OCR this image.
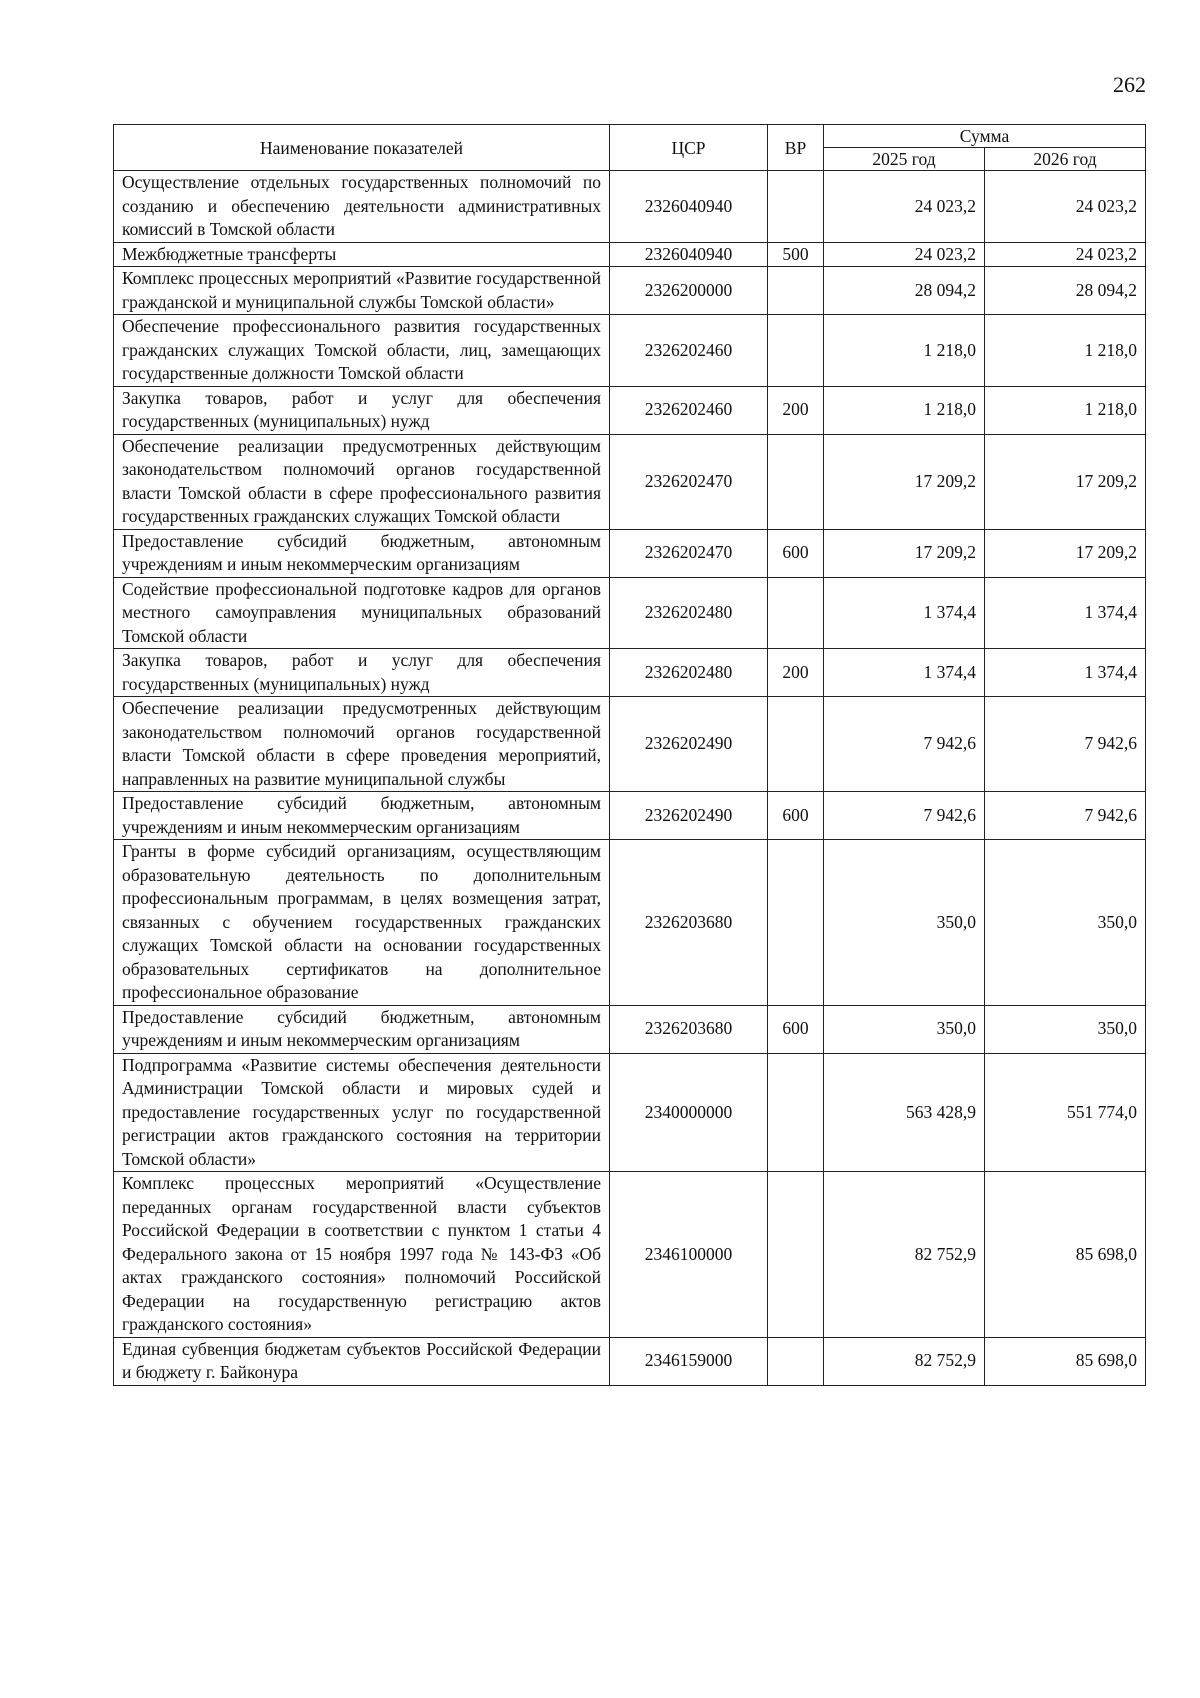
262
Наименование показателей	ЦСР	ВР	Сумма	
			2025 год	2026 год
Осуществление отдельных государственных полномочий по созданию и обеспечению деятельности административных комиссий в Томской области	2326040940		24 023,2	24 023,2
Межбюджетные трансферты	2326040940	500	24 023,2	24 023,2
Комплекс процессных мероприятий «Развитие государственной гражданской и муниципальной службы Томской области»	2326200000		28 094,2	28 094,2
Обеспечение профессионального развития государственных гражданских служащих Томской области, лиц, замещающих государственные должности Томской области	2326202460		1 218,0	1 218,0
Закупка товаров, работ и услуг для обеспечения государственных (муниципальных) нужд	2326202460	200	1 218,0	1 218,0
Обеспечение реализации предусмотренных действующим законодательством полномочий органов государственной власти Томской области в сфере профессионального развития государственных гражданских служащих Томской области	2326202470		17 209,2	17 209,2
Предоставление субсидий бюджетным, автономным учреждениям и иным некоммерческим организациям	2326202470	600	17 209,2	17 209,2
Содействие профессиональной подготовке кадров для органов местного самоуправления муниципальных образований Томской области	2326202480		1 374,4	1 374,4
Закупка товаров, работ и услуг для обеспечения государственных (муниципальных) нужд	2326202480	200	1 374,4	1 374,4
Обеспечение реализации предусмотренных действующим законодательством полномочий органов государственной власти Томской области в сфере проведения мероприятий, направленных на развитие муниципальной службы	2326202490		7 942,6	7 942,6
Предоставление субсидий бюджетным, автономным учреждениям и иным некоммерческим организациям	2326202490	600	7 942,6	7 942,6
Гранты в форме субсидий организациям, осуществляющим образовательную деятельность по дополнительным профессиональным программам, в целях возмещения затрат, связанных с обучением государственных гражданских служащих Томской области на основании государственных образовательных сертификатов на дополнительное профессиональное образование	2326203680		350,0	350,0
Предоставление субсидий бюджетным, автономным учреждениям и иным некоммерческим организациям	2326203680	600	350,0	350,0
Подпрограмма «Развитие системы обеспечения деятельности Администрации Томской области и мировых судей и предоставление государственных услуг по государственной регистрации актов гражданского состояния на территории Томской области»	2340000000		563 428,9	551 774,0
Комплекс процессных мероприятий «Осуществление переданных органам государственной власти субъектов Российской Федерации в соответствии с пунктом 1 статьи 4 Федерального закона от 15 ноября 1997 года № 143-ФЗ «Об актах гражданского состояния» полномочий Российской Федерации на государственную регистрацию актов гражданского состояния»	2346100000		82 752,9	85 698,0
Единая субвенция бюджетам субъектов Российской Федерации и бюджету г. Байконура	2346159000		82 752,9	85 698,0
